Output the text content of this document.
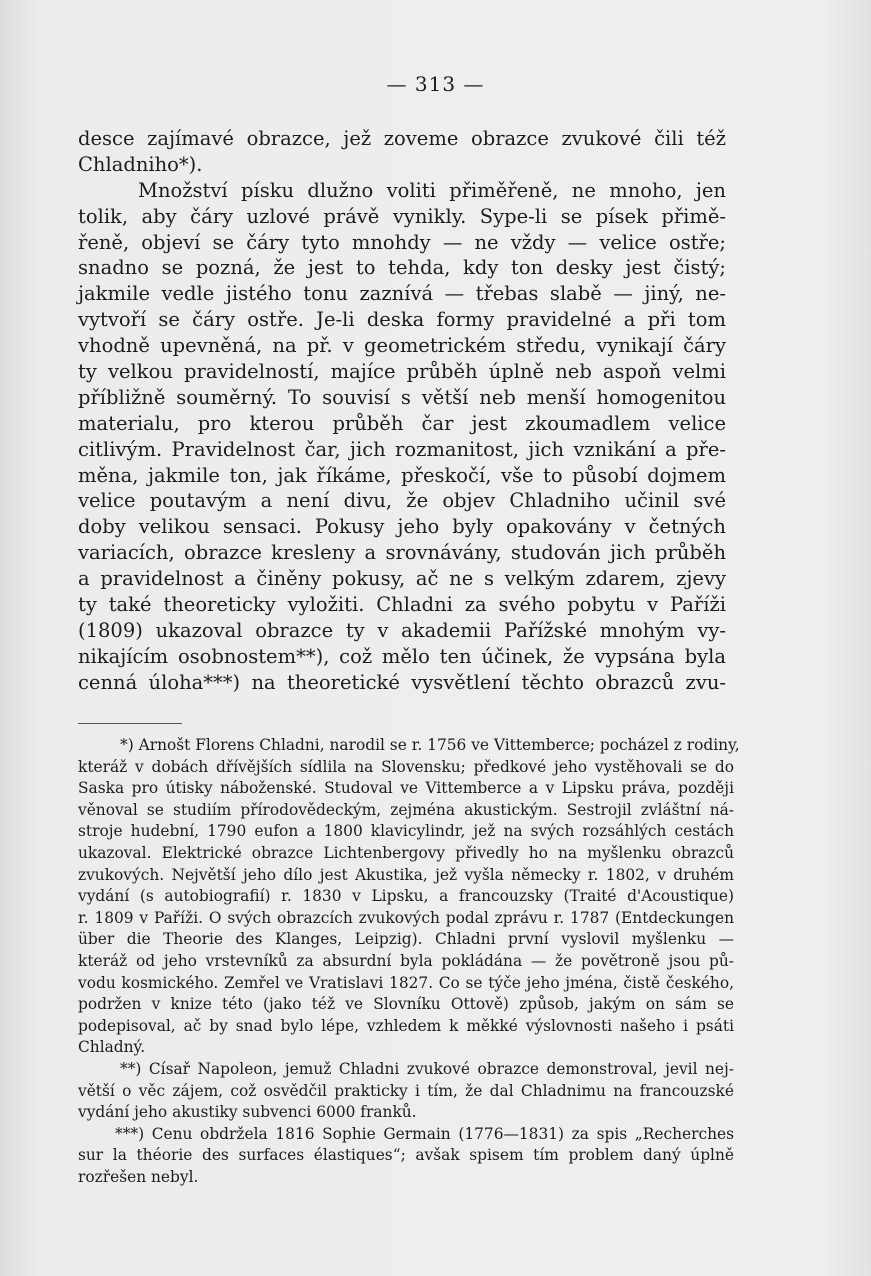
— 313 —
desce zajímavé obrazce, jež zoveme obrazce zvukové čili též
Chladniho*).
Množství písku dlužno voliti přiměřeně, ne mnoho, jen
tolik, aby čáry uzlové právě vynikly. Sype-li se písek přimě-
řeně, objeví se čáry tyto mnohdy — ne vždy — velice ostře;
snadno se pozná, že jest to tehda, kdy ton desky jest čistý;
jakmile vedle jistého tonu zaznívá — třebas slabě — jiný, ne-
vytvoří se čáry ostře. Je-li deska formy pravidelné a při tom
vhodně upevněná, na př. v geometrickém středu, vynikají čáry
ty velkou pravidelností, majíce průběh úplně neb aspoň velmi
příbližně souměrný. To souvisí s větší neb menší homogenitou
materialu, pro kterou průběh čar jest zkoumadlem velice
citlivým. Pravidelnost čar, jich rozmanitost, jich vznikání a pře-
měna, jakmile ton, jak říkáme, přeskočí, vše to působí dojmem
velice poutavým a není divu, že objev Chladniho učinil své
doby velikou sensaci. Pokusy jeho byly opakovány v četných
variacích, obrazce kresleny a srovnávány, studován jich průběh
a pravidelnost a činěny pokusy, ač ne s velkým zdarem, zjevy
ty také theoreticky vyložiti. Chladni za svého pobytu v Paříži
(1809) ukazoval obrazce ty v akademii Pařížské mnohým vy-
nikajícím osobnostem**), což mělo ten účinek, že vypsána byla
cenná úloha***) na theoretické vysvětlení těchto obrazců zvu-
*) Arnošt Florens Chladni, narodil se r. 1756 ve Vittemberce; pocházel z rodiny,
kteráž v dobách dřívějších sídlila na Slovensku; předkové jeho vystěhovali se do
Saska pro útisky náboženské. Studoval ve Vittemberce a v Lipsku práva, později
věnoval se studiím přírodovědeckým, zejména akustickým. Sestrojil zvláštní ná-
stroje hudební, 1790 eufon a 1800 klavicylindr, jež na svých rozsáhlých cestách
ukazoval. Elektrické obrazce Lichtenbergovy přivedly ho na myšlenku obrazců
zvukových. Největší jeho dílo jest Akustika, jež vyšla německy r. 1802, v druhém
vydání (s autobiografií) r. 1830 v Lipsku, a francouzsky (Traité d'Acoustique)
r. 1809 v Paříži. O svých obrazcích zvukových podal zprávu r. 1787 (Entdeckungen
über die Theorie des Klanges, Leipzig). Chladni první vyslovil myšlenku —
kteráž od jeho vrstevníků za absurdní byla pokládána — že povětroně jsou pů-
vodu kosmického. Zemřel ve Vratislavi 1827. Co se týče jeho jména, čistě českého,
podržen v knize této (jako též ve Slovníku Ottově) způsob, jakým on sám se
podepisoval, ač by snad bylo lépe, vzhledem k měkké výslovnosti našeho i psáti
Chladný.
**) Císař Napoleon, jemuž Chladni zvukové obrazce demonstroval, jevil nej-
větší o věc zájem, což osvědčil prakticky i tím, že dal Chladnimu na francouzské
vydání jeho akustiky subvenci 6000 franků.
***) Cenu obdržela 1816 Sophie Germain (1776—1831) za spis „Recherches
sur la théorie des surfaces élastiques“; avšak spisem tím problem daný úplně
rozřešen nebyl.
